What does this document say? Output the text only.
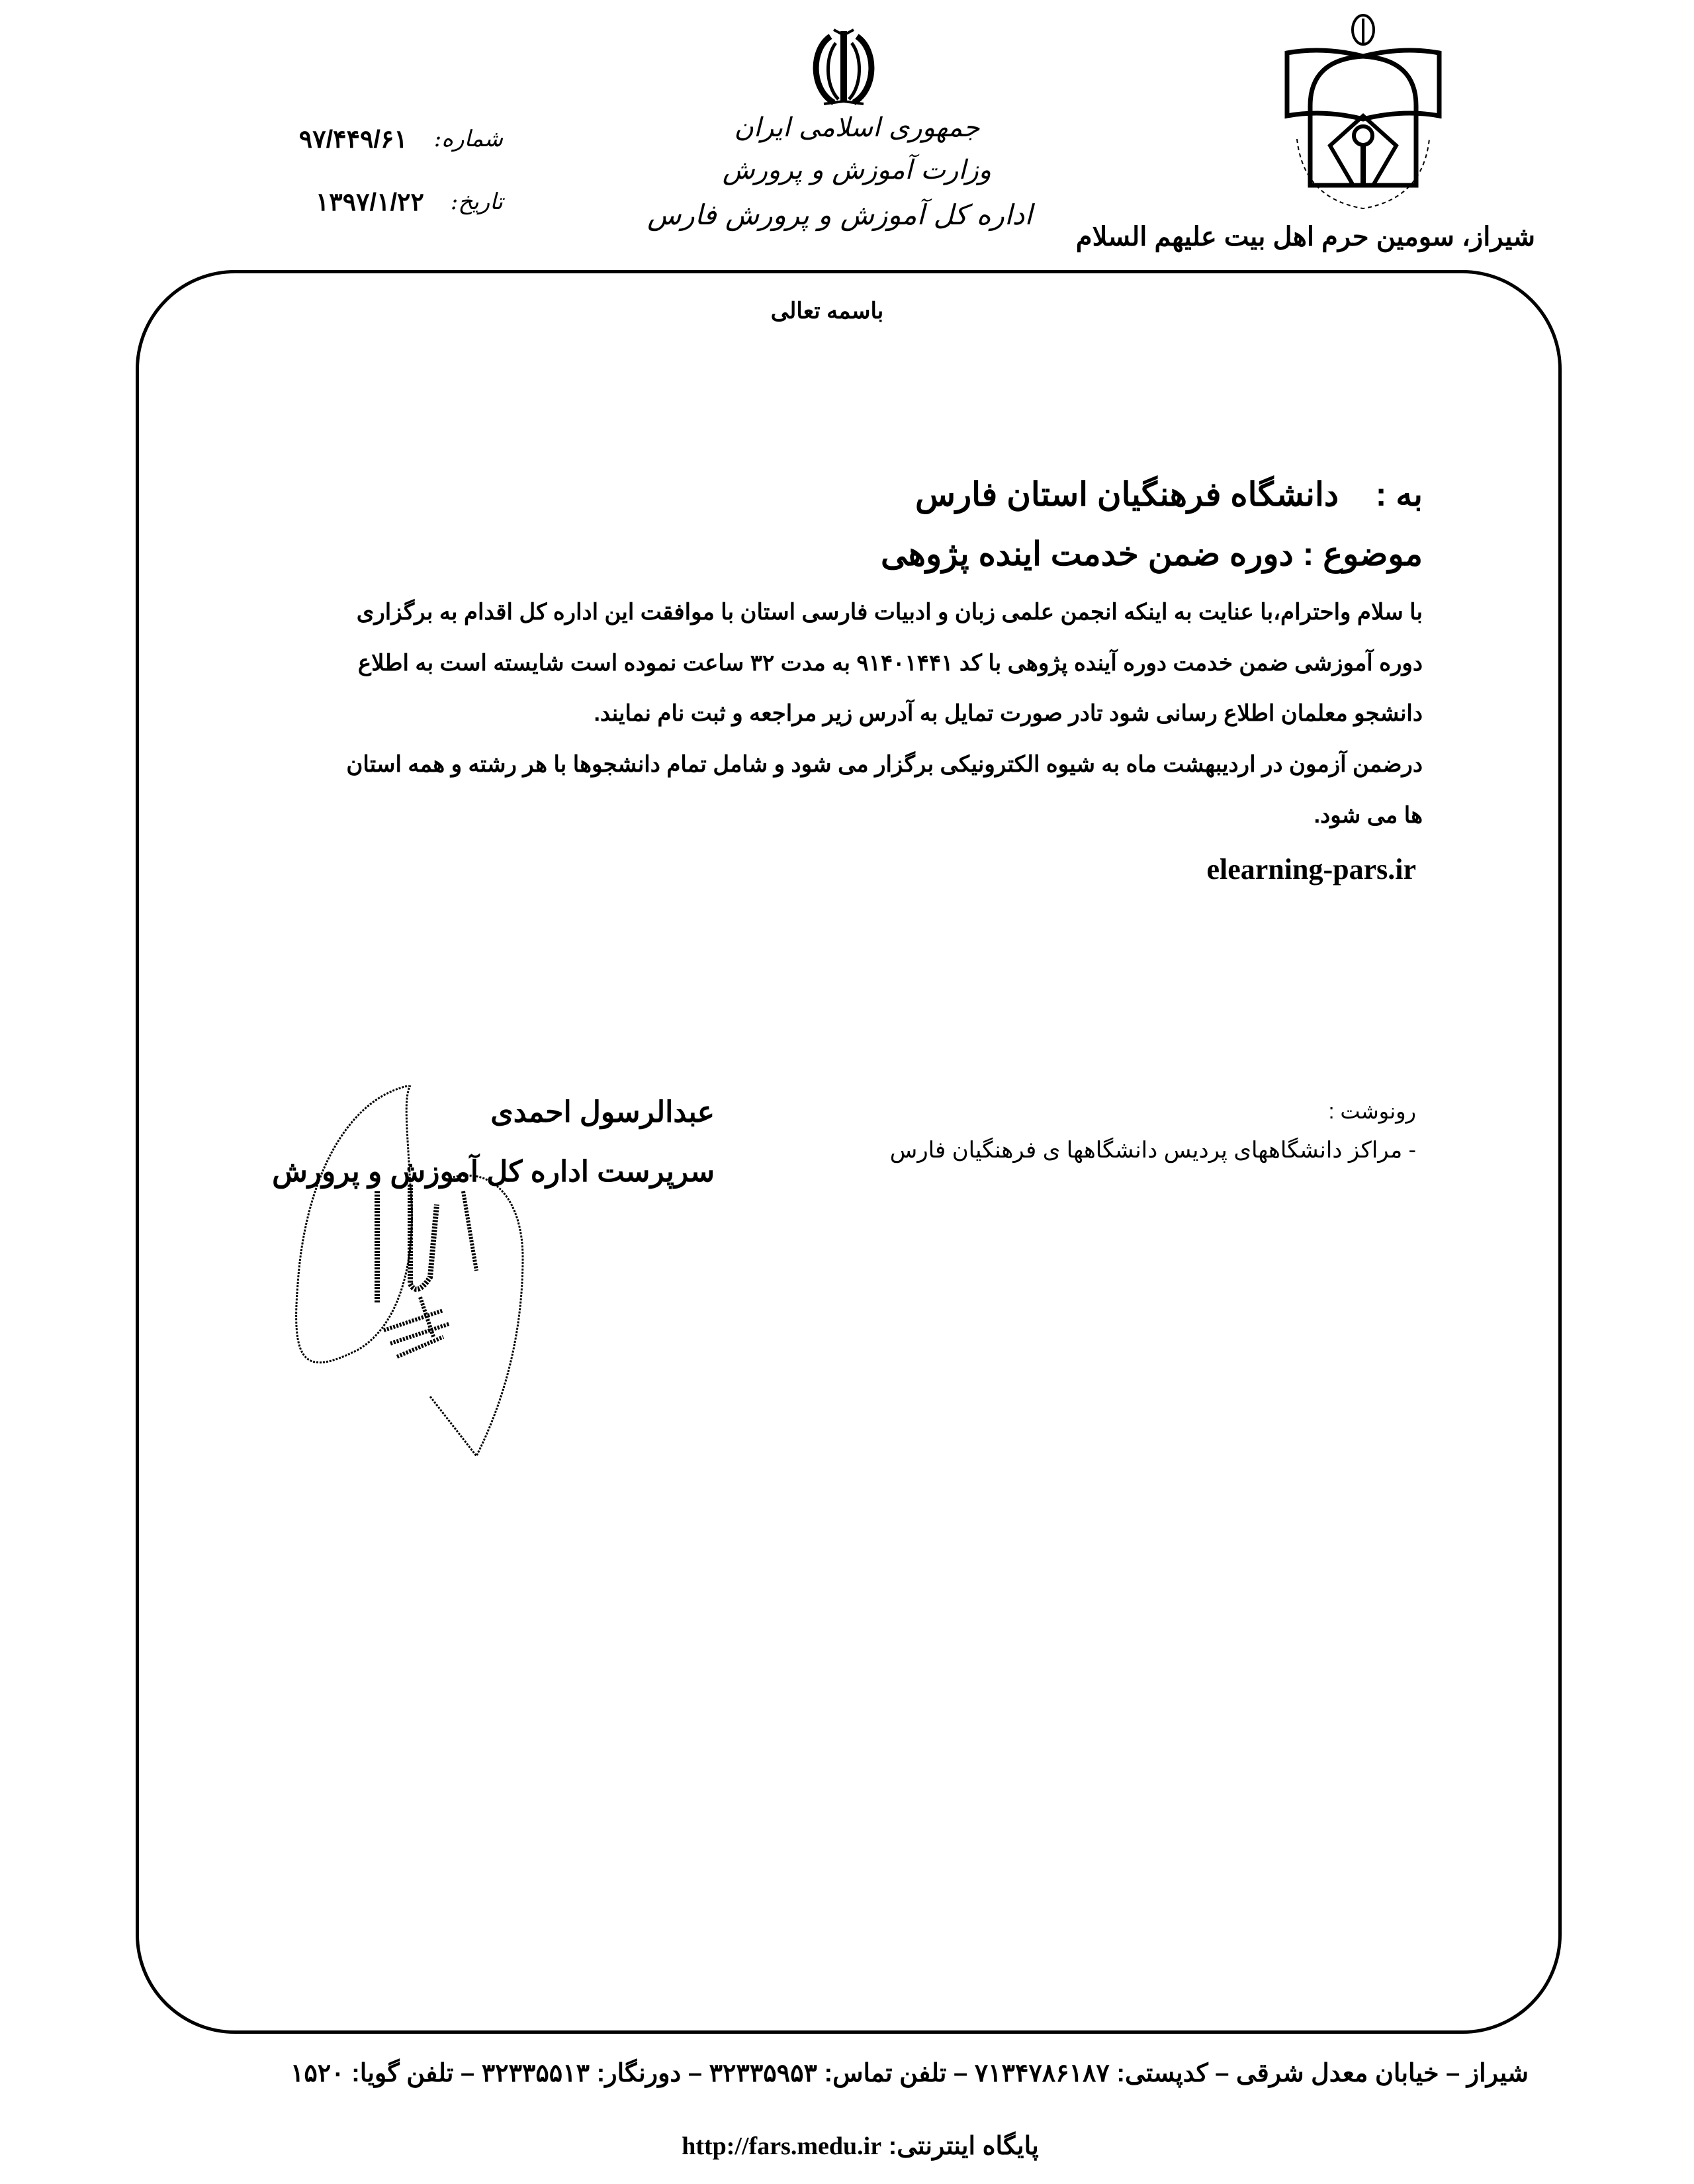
شماره:
۹۷/۴۴۹/۶۱
تاریخ:
۱۳۹۷/۱/۲۲
جمهوری اسلامی ایران
وزارت آموزش و پرورش
اداره کل آموزش و پرورش فارس
شیراز، سومین حرم اهل بیت علیهم السلام
باسمه تعالی
به :    دانشگاه فرهنگیان استان فارس
موضوع : دوره ضمن خدمت اینده پژوهی
با سلام واحترام،با عنایت به اینکه انجمن علمی زبان و ادبیات فارسی استان با موافقت این اداره کل اقدام به برگزاری
دوره آموزشی ضمن خدمت دوره آینده پژوهی با کد ۹۱۴۰۱۴۴۱ به مدت ۳۲ ساعت نموده است شایسته است به اطلاع
دانشجو معلمان اطلاع رسانی شود تادر صورت تمایل به آدرس زیر مراجعه و ثبت نام نمایند.
درضمن آزمون در اردیبهشت ماه به شیوه الکترونیکی برگزار می شود و شامل تمام دانشجوها با هر رشته و همه استان
ها می شود.
elearning-pars.ir
رونوشت :
- مراکز دانشگاههای پردیس دانشگاهها ی فرهنگیان فارس
عبدالرسول احمدی
سرپرست اداره کل آموزش و پرورش
شیراز – خیابان معدل شرقی – کدپستی: ۷۱۳۴۷۸۶۱۸۷ – تلفن تماس: ۳۲۳۳۵۹۵۳ – دورنگار: ۳۲۳۳۵۵۱۳ – تلفن گویا: ۱۵۲۰
پایگاه اینترنتی: http://fars.medu.ir
